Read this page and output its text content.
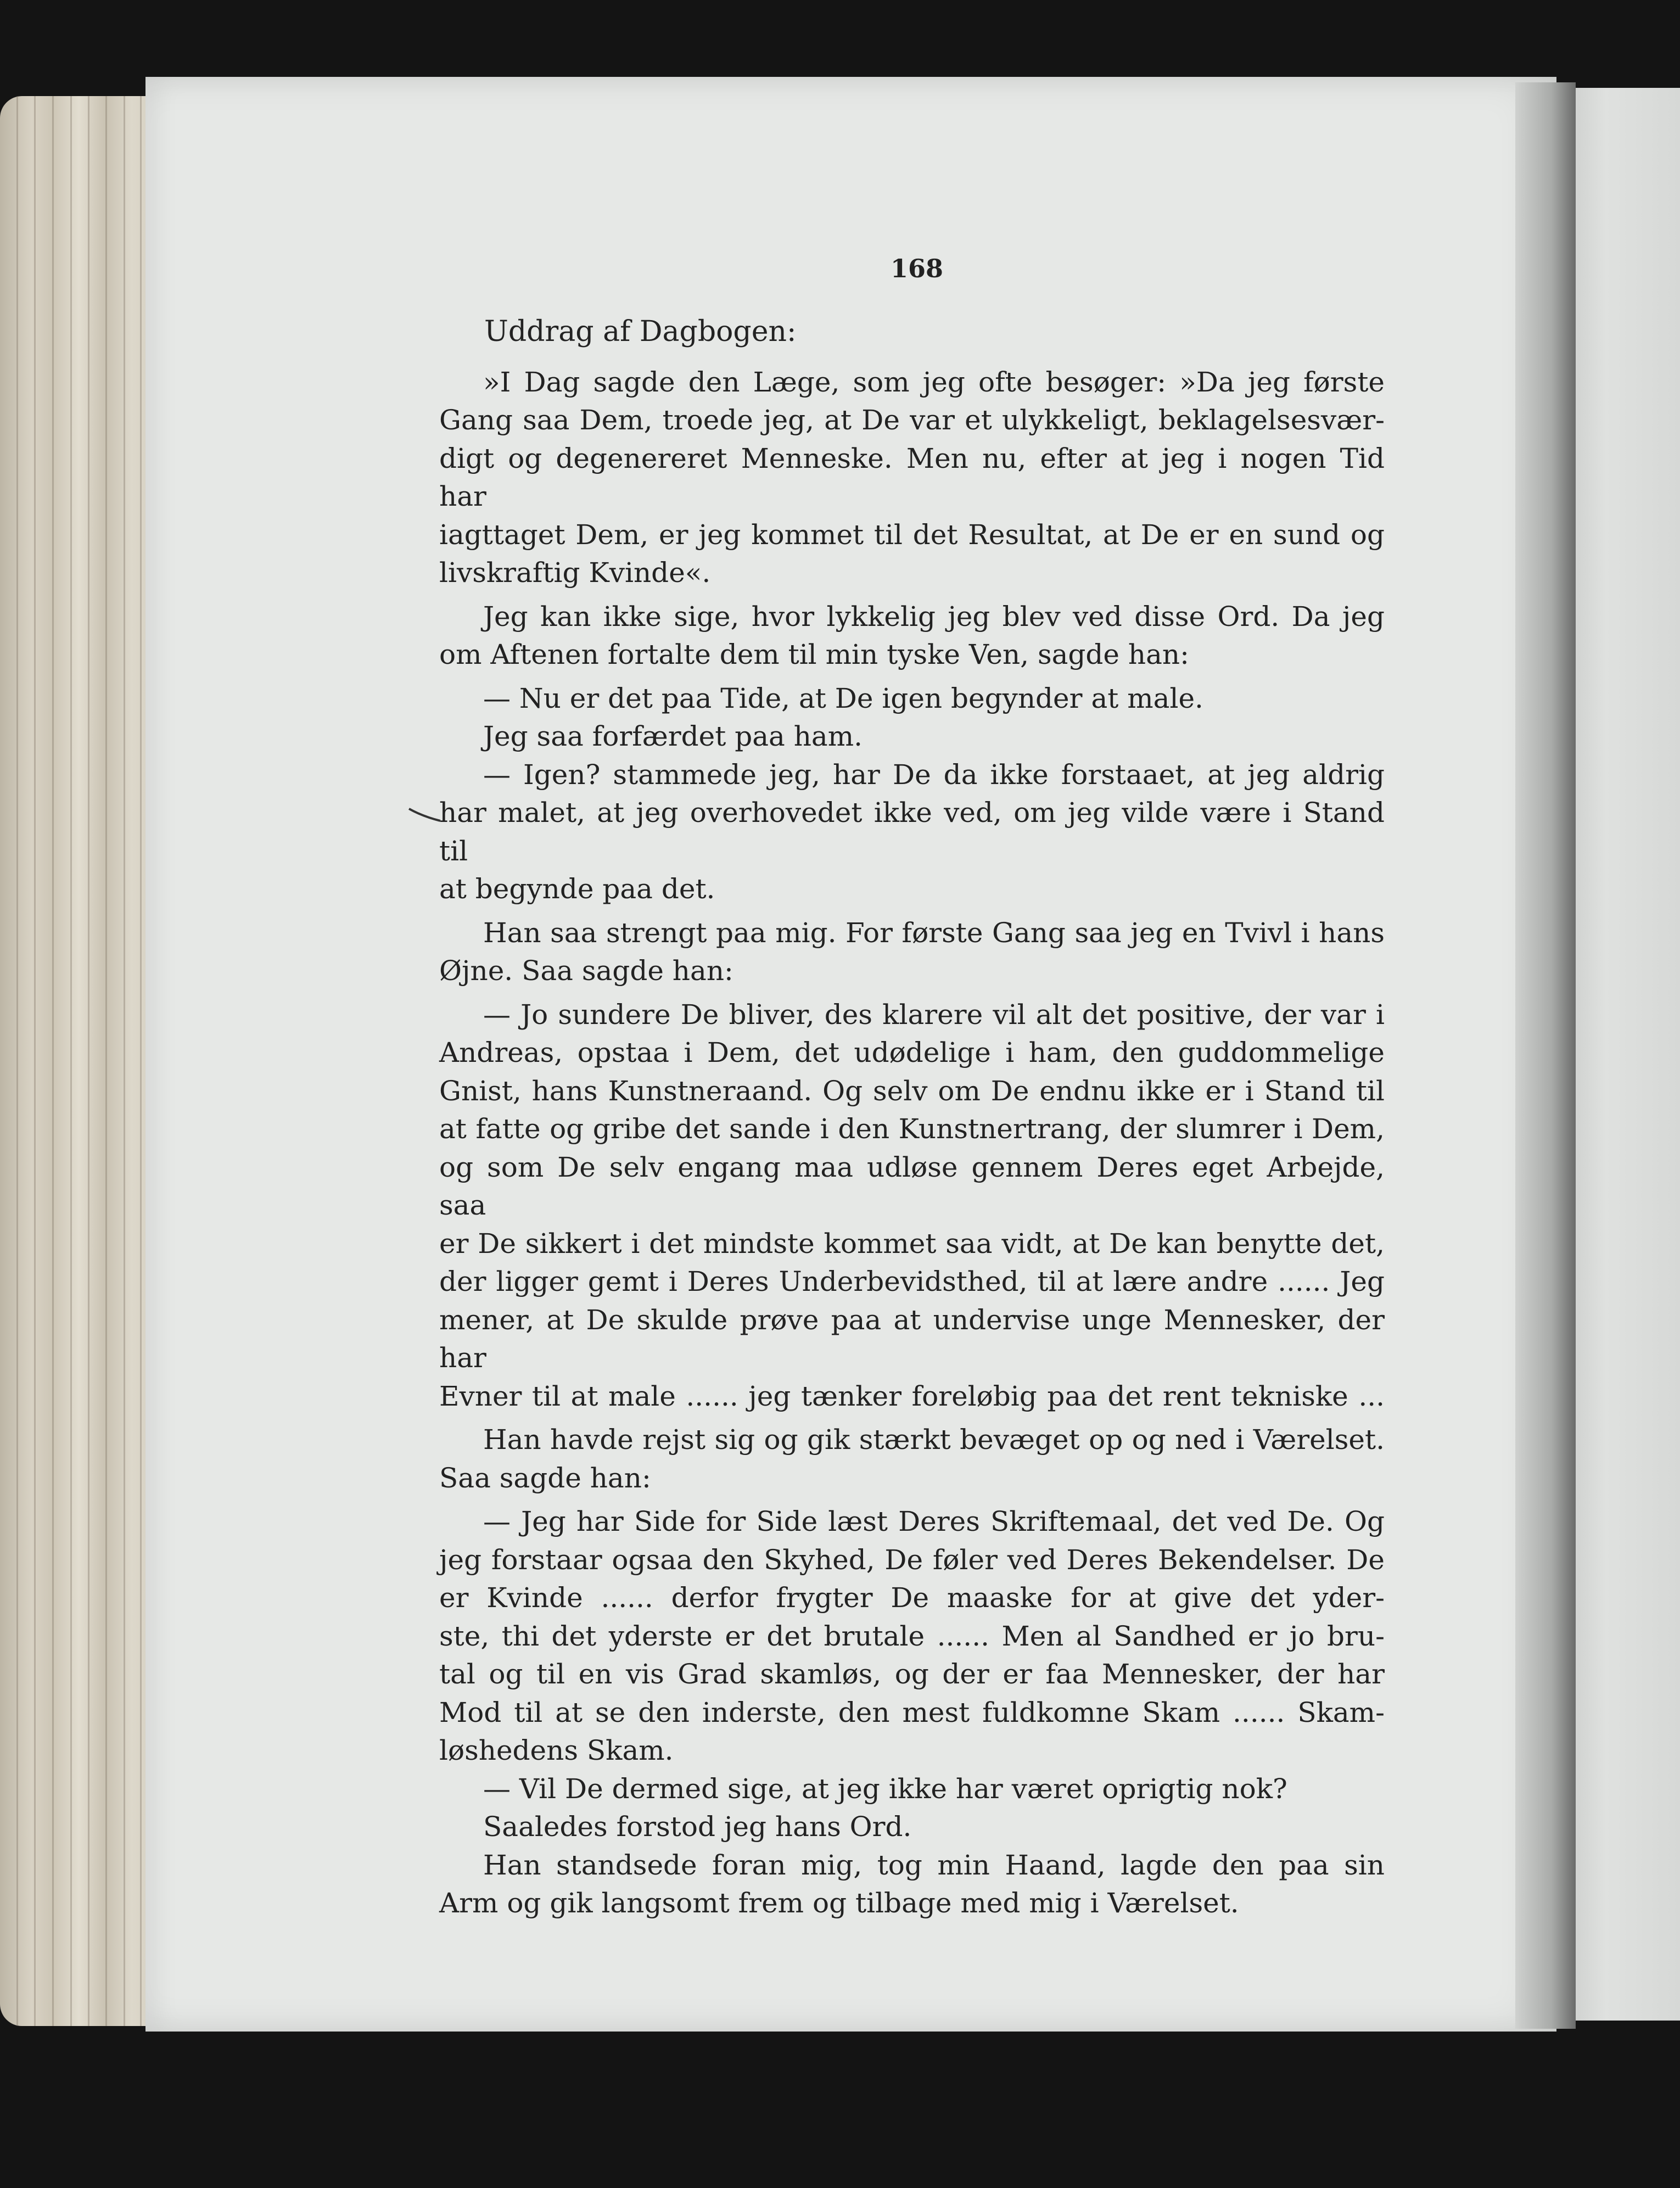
168
Uddrag af Dagbogen:
»I Dag sagde den Læge, som jeg ofte besøger: »Da jeg første
Gang saa Dem, troede jeg, at De var et ulykkeligt, beklagelsesvær-
digt og degenereret Menneske. Men nu, efter at jeg i nogen Tid har
iagttaget Dem, er jeg kommet til det Resultat, at De er en sund og
livskraftig Kvinde«.
Jeg kan ikke sige, hvor lykkelig jeg blev ved disse Ord. Da jeg
om Aftenen fortalte dem til min tyske Ven, sagde han:
— Nu er det paa Tide, at De igen begynder at male.
Jeg saa forfærdet paa ham.
— Igen? stammede jeg, har De da ikke forstaaet, at jeg aldrig
har malet, at jeg overhovedet ikke ved, om jeg vilde være i Stand til
at begynde paa det.
Han saa strengt paa mig. For første Gang saa jeg en Tvivl i hans
Øjne. Saa sagde han:
— Jo sundere De bliver, des klarere vil alt det positive, der var i
Andreas, opstaa i Dem, det udødelige i ham, den guddommelige
Gnist, hans Kunstneraand. Og selv om De endnu ikke er i Stand til
at fatte og gribe det sande i den Kunstnertrang, der slumrer i Dem,
og som De selv engang maa udløse gennem Deres eget Arbejde, saa
er De sikkert i det mindste kommet saa vidt, at De kan benytte det,
der ligger gemt i Deres Underbevidsthed, til at lære andre ...... Jeg
mener, at De skulde prøve paa at undervise unge Mennesker, der har
Evner til at male ...... jeg tænker foreløbig paa det rent tekniske ...
Han havde rejst sig og gik stærkt bevæget op og ned i Værelset.
Saa sagde han:
— Jeg har Side for Side læst Deres Skriftemaal, det ved De. Og
jeg forstaar ogsaa den Skyhed, De føler ved Deres Bekendelser. De
er Kvinde ...... derfor frygter De maaske for at give det yder-
ste, thi det yderste er det brutale ...... Men al Sandhed er jo bru-
tal og til en vis Grad skamløs, og der er faa Mennesker, der har
Mod til at se den inderste, den mest fuldkomne Skam ...... Skam-
løshedens Skam.
— Vil De dermed sige, at jeg ikke har været oprigtig nok?
Saaledes forstod jeg hans Ord.
Han standsede foran mig, tog min Haand, lagde den paa sin
Arm og gik langsomt frem og tilbage med mig i Værelset.
